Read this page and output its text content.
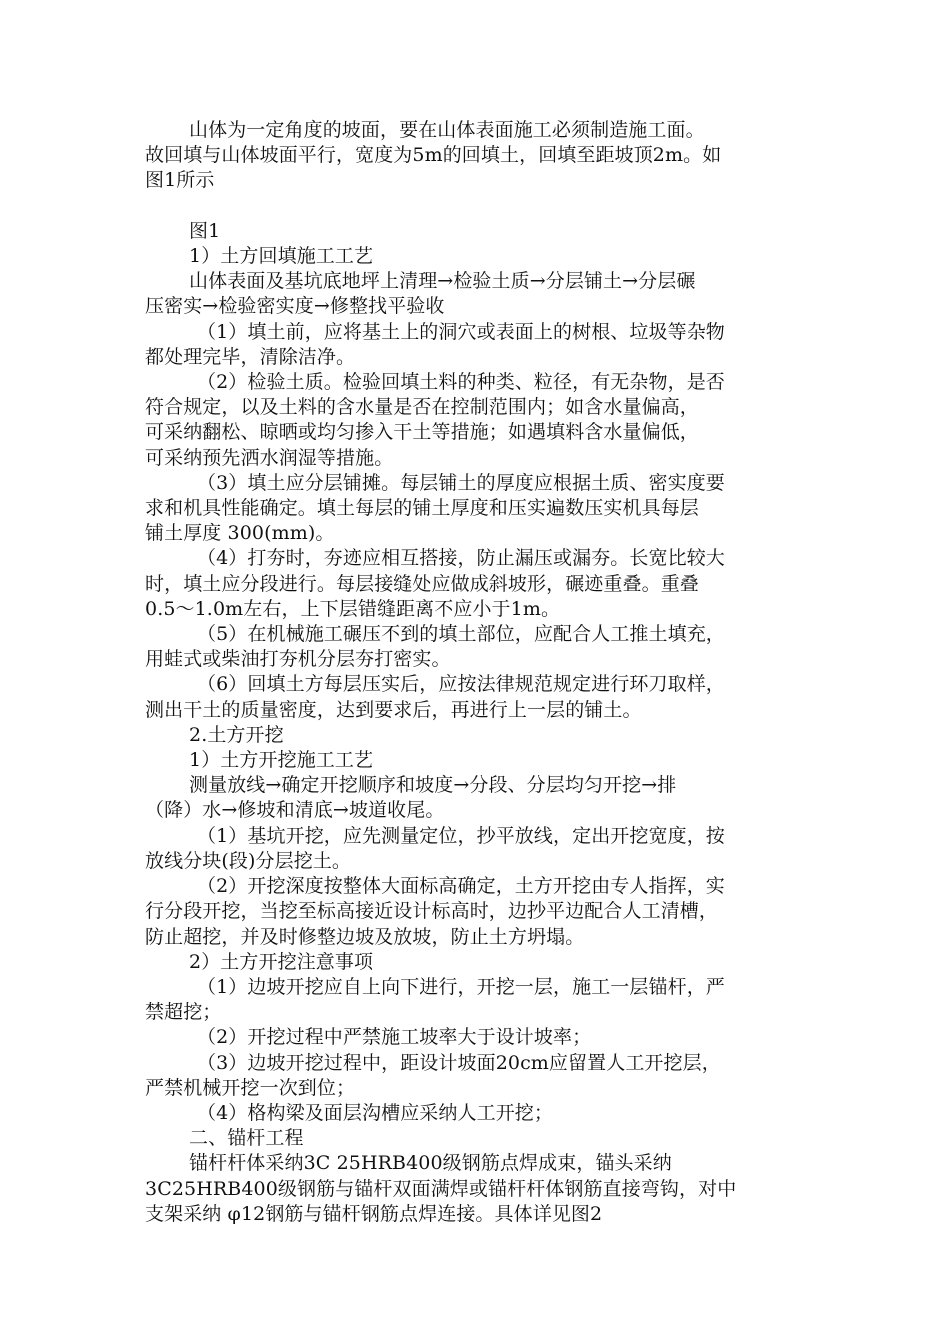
山体为一定角度的坡面，要在山体表面施工必须制造施工面。
故回填与山体坡面平行，宽度为5m的回填土，回填至距坡顶2m。如
图1所示

图1
1）土方回填施工工艺
山体表面及基坑底地坪上清理→检验土质→分层铺土→分层碾
压密实→检验密实度→修整找平验收
（1）填土前，应将基土上的洞穴或表面上的树根、垃圾等杂物
都处理完毕，清除洁净。
（2）检验土质。检验回填土料的种类、粒径，有无杂物，是否
符合规定，以及土料的含水量是否在控制范围内；如含水量偏高，
可采纳翻松、晾晒或均匀掺入干土等措施；如遇填料含水量偏低，
可采纳预先洒水润湿等措施。
（3）填土应分层铺摊。每层铺土的厚度应根据土质、密实度要
求和机具性能确定。填土每层的铺土厚度和压实遍数压实机具每层
铺土厚度 300(mm)。
（4）打夯时，夯迹应相互搭接，防止漏压或漏夯。长宽比较大
时，填土应分段进行。每层接缝处应做成斜坡形，碾迹重叠。重叠
0.5～1.0m左右，上下层错缝距离不应小于1m。
（5）在机械施工碾压不到的填土部位，应配合人工推土填充，
用蛙式或柴油打夯机分层夯打密实。
（6）回填土方每层压实后，应按法律规范规定进行环刀取样，
测出干土的质量密度，达到要求后，再进行上一层的铺土。
2.土方开挖
1）土方开挖施工工艺
测量放线→确定开挖顺序和坡度→分段、分层均匀开挖→排
（降）水→修坡和清底→坡道收尾。
（1）基坑开挖，应先测量定位，抄平放线，定出开挖宽度，按
放线分块(段)分层挖土。
（2）开挖深度按整体大面标高确定，土方开挖由专人指挥，实
行分段开挖，当挖至标高接近设计标高时，边抄平边配合人工清槽，
防止超挖，并及时修整边坡及放坡，防止土方坍塌。
2）土方开挖注意事项
（1）边坡开挖应自上向下进行，开挖一层，施工一层锚杆，严
禁超挖；
（2）开挖过程中严禁施工坡率大于设计坡率；
（3）边坡开挖过程中，距设计坡面20cm应留置人工开挖层，
严禁机械开挖一次到位；
（4）格构梁及面层沟槽应采纳人工开挖；
二、锚杆工程
锚杆杆体采纳3C 25HRB400级钢筋点焊成束，锚头采纳
3C25HRB400级钢筋与锚杆双面满焊或锚杆杆体钢筋直接弯钩，对中
支架采纳 φ12钢筋与锚杆钢筋点焊连接。具体详见图2
